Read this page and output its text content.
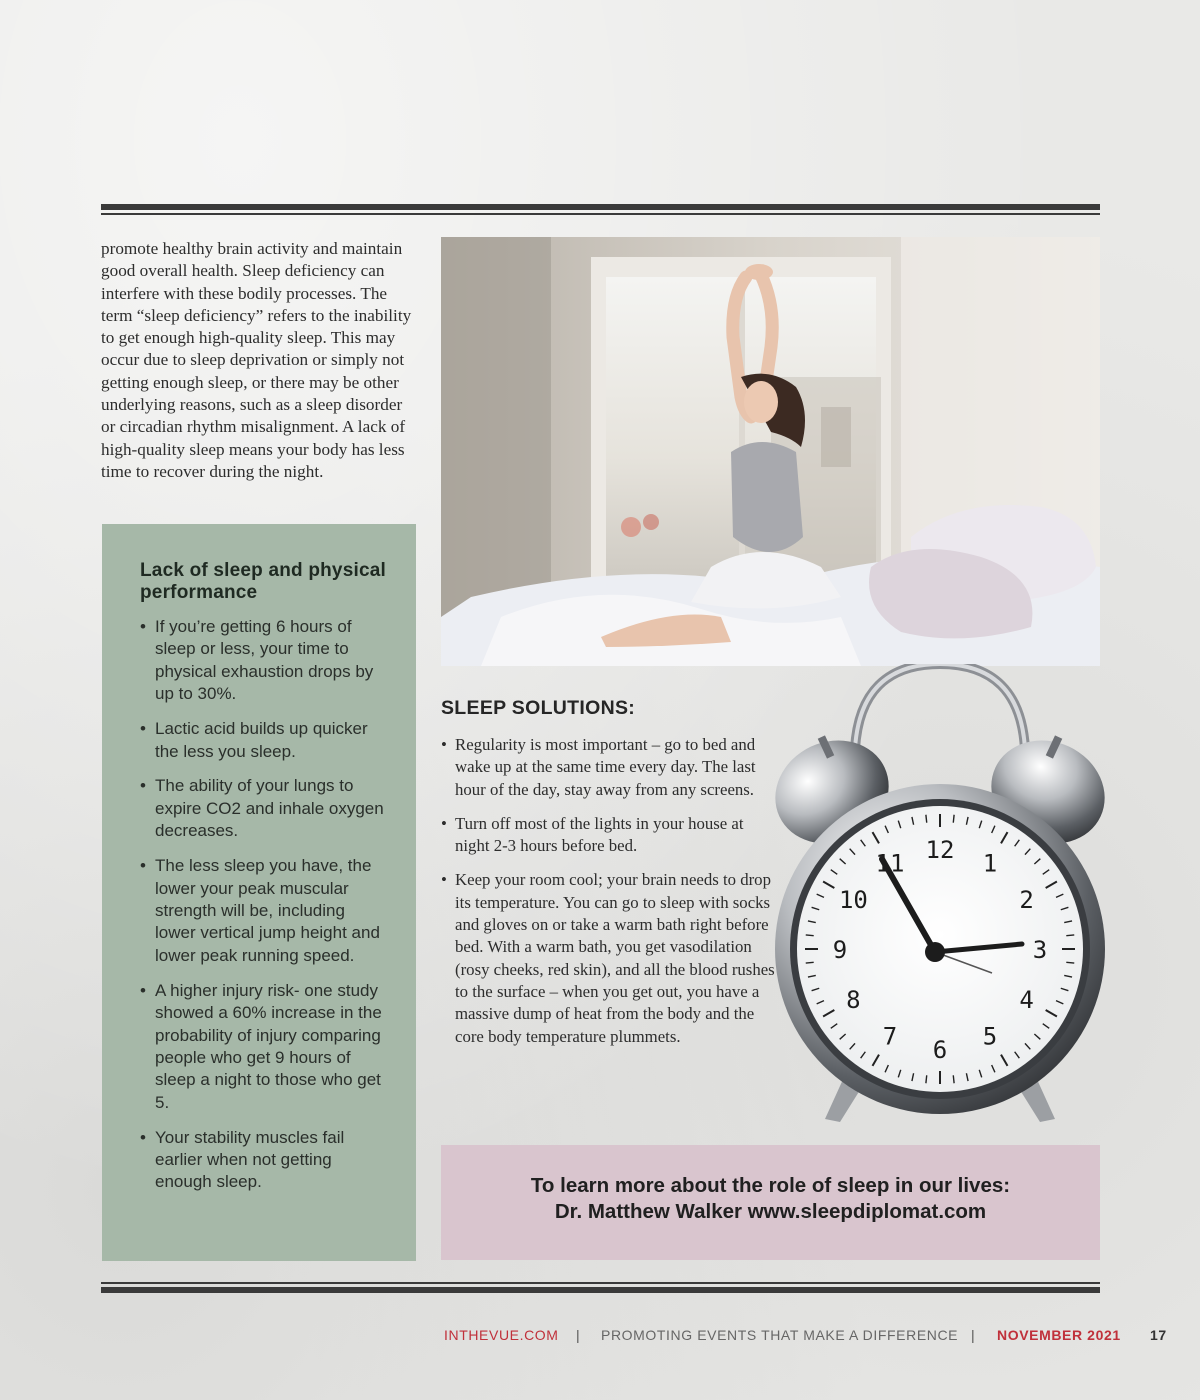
promote healthy brain activity and maintain good overall health. Sleep deficiency can interfere with these bodily processes. The term “sleep deficiency” refers to the inability to get enough high-quality sleep. This may occur due to sleep deprivation or simply not getting enough sleep, or there may be other underlying reasons, such as a sleep disorder or circadian rhythm misalignment. A lack of high-quality sleep means your body has less time to recover during the night.

Lack of sleep and physical performance
• If you’re getting 6 hours of sleep or less, your time to physical exhaustion drops by up to 30%.
• Lactic acid builds up quicker the less you sleep.
• The ability of your lungs to expire CO2 and inhale oxygen decreases.
• The less sleep you have, the lower your peak muscular strength will be, including lower vertical jump height and lower peak running speed.
• A higher injury risk- one study showed a 60% increase in the probability of injury comparing people who get 9 hours of sleep a night to those who get 5.
• Your stability muscles fail earlier when not getting enough sleep.
SLEEP SOLUTIONS:
• Regularity is most important – go to bed and wake up at the same time every day. The last hour of the day, stay away from any screens.
• Turn off most of the lights in your house at night 2-3 hours before bed.
• Keep your room cool; your brain needs to drop its temperature. You can go to sleep with socks and gloves on or take a warm bath right before bed. With a warm bath, you get vasodilation (rosy cheeks, red skin), and all the blood rushes to the surface – when you get out, you have a massive dump of heat from the body and the core body temperature plummets.
12 1
2
3
4
5
6
7
8
9
10
11
To learn more about the role of sleep in our lives:
Dr. Matthew Walker www.sleepdiplomat.com
INTHEVUE.COM | PROMOTING EVENTS THAT MAKE A DIFFERENCE | NOVEMBER 2021 17
